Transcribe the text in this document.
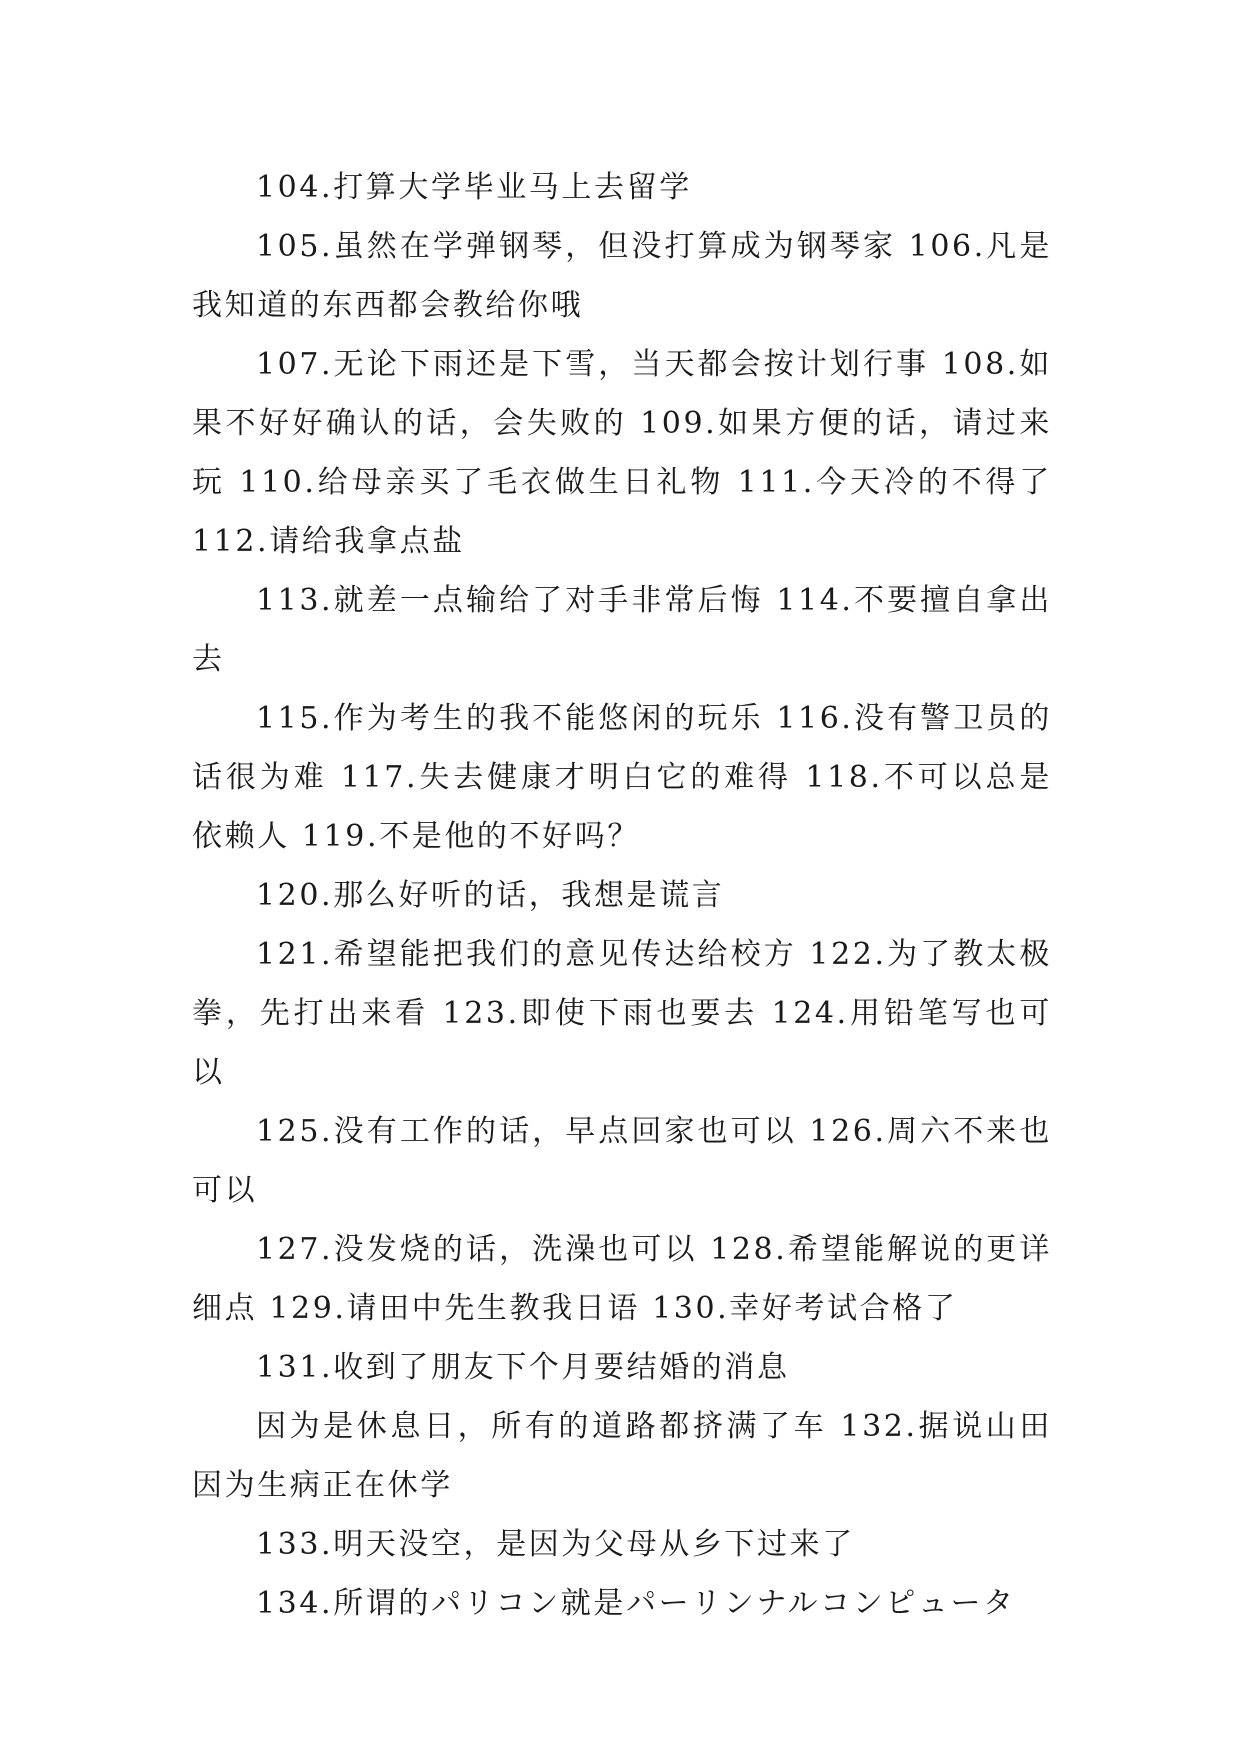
104.打算大学毕业马上去留学

105.虽然在学弹钢琴，但没打算成为钢琴家 106.凡是我知道的东西都会教给你哦

107.无论下雨还是下雪，当天都会按计划行事 108.如果不好好确认的话，会失败的 109.如果方便的话，请过来玩 110.给母亲买了毛衣做生日礼物 111.今天冷的不得了 112.请给我拿点盐

113.就差一点输给了对手非常后悔 114.不要擅自拿出去

115.作为考生的我不能悠闲的玩乐 116.没有警卫员的话很为难 117.失去健康才明白它的难得 118.不可以总是依赖人 119.不是他的不好吗？

120.那么好听的话，我想是谎言

121.希望能把我们的意见传达给校方 122.为了教太极拳，先打出来看 123.即使下雨也要去 124.用铅笔写也可以

125.没有工作的话，早点回家也可以 126.周六不来也可以

127.没发烧的话，洗澡也可以 128.希望能解说的更详细点 129.请田中先生教我日语 130.幸好考试合格了

131.收到了朋友下个月要结婚的消息

因为是休息日，所有的道路都挤满了车 132.据说山田因为生病正在休学

133.明天没空，是因为父母从乡下过来了

134.所谓的パリコン就是パーリンナルコンピュータ
